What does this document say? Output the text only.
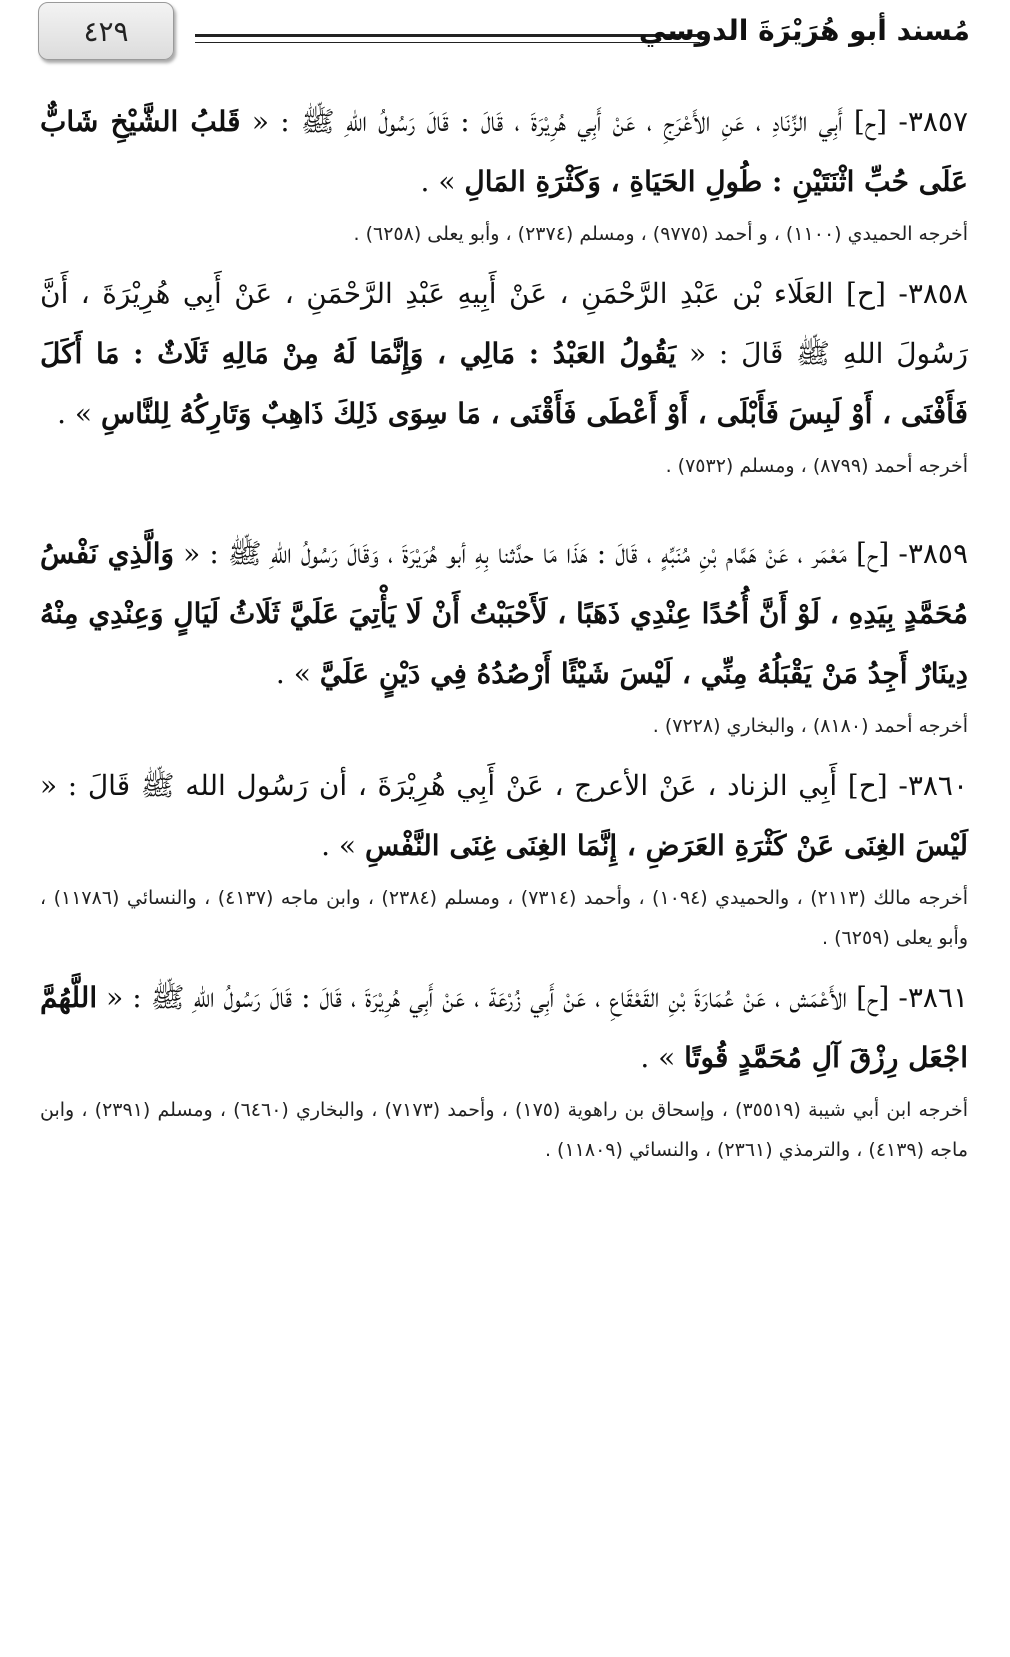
٤٢٩	مُسند أبو هُرَيْرَةَ الدوسي

٣٨٥٧- [ح] أَبِي الزِّنَادِ ، عَنِ الأَعْرَجِ ، عَنْ أَبِي هُرِيْرَةَ ، قَالَ : قَالَ رَسُولُ اللهِ ﷺ : « قَلبُ الشَّيْخِ شَابٌّ عَلَى حُبِّ اثْنَتَيْنِ : طُولِ الحَيَاةِ ، وَكَثْرَةِ المَالِ » .

أخرجه الحميدي (١١٠٠) ، و أحمد (٩٧٧٥) ، ومسلم (٢٣٧٤) ، وأبو يعلى (٦٢٥٨) .

٣٨٥٨- [ح] العَلَاء بْن عَبْدِ الرَّحْمَنِ ، عَنْ أَبِيهِ عَبْدِ الرَّحْمَنِ ، عَنْ أَبِي هُرِيْرَةَ ، أَنَّ رَسُولَ اللهِ ﷺ قَالَ : « يَقُولُ العَبْدُ : مَالِي ، وَإِنَّمَا لَهُ مِنْ مَالِهِ ثَلَاثٌ : مَا أَكَلَ فَأَفْنَى ، أَوْ لَبِسَ فَأَبْلَى ، أَوْ أَعْطَى فَأَقْنَى ، مَا سِوَى ذَلِكَ ذَاهِبٌ وَتَارِكُهُ لِلنَّاسِ » .

أخرجه أحمد (٨٧٩٩) ، ومسلم (٧٥٣٢) .

٣٨٥٩- [ح] مَعْمَر ، عَنْ هَمَّام بْنِ مُنَبِّهٍ ، قَالَ : هَذَا مَا حدَّثنا بِهِ أبو هُرَيْرَةَ ، وَقَالَ رَسُولُ اللهِ ﷺ : « وَالَّذِي نَفْسُ مُحَمَّدٍ بِيَدِهِ ، لَوْ أَنَّ أُحُدًا عِنْدِي ذَهَبًا ، لَأَحْبَبْتُ أَنْ لَا يَأْتِيَ عَلَيَّ ثَلَاثُ لَيَالٍ وَعِنْدِي مِنْهُ دِينَارٌ أَجِدُ مَنْ يَقْبَلُهُ مِنِّي ، لَيْسَ شَيْئًا أَرْصُدُهُ فِي دَيْنٍ عَلَيَّ » .

أخرجه أحمد (٨١٨٠) ، والبخاري (٧٢٢٨) .

٣٨٦٠- [ح] أَبِي الزناد ، عَنْ الأعرج ، عَنْ أَبِي هُرِيْرَةَ ، أن رَسُول الله ﷺ قَالَ : « لَيْسَ الغِنَى عَنْ كَثْرَةِ العَرَضِ ، إِنَّمَا الغِنَى غِنَى النَّفْسِ » .

أخرجه مالك (٢١١٣) ، والحميدي (١٠٩٤) ، وأحمد (٧٣١٤) ، ومسلم (٢٣٨٤) ، وابن ماجه (٤١٣٧) ، والنسائي (١١٧٨٦) ، وأبو يعلى (٦٢٥٩) .

٣٨٦١- [ح] الأَعْمَش ، عَنْ عُمَارَةَ بْنِ القَعْقَاعِ ، عَنْ أَبِي زُرْعَةَ ، عَنْ أَبِي هُرِيْرَةَ ، قَالَ : قَالَ رَسُولُ اللهِ ﷺ : « اللَّهُمَّ اجْعَل رِزْقَ آلِ مُحَمَّدٍ قُوتًا » .

أخرجه ابن أبي شيبة (٣٥٥١٩) ، وإسحاق بن راهوية (١٧٥) ، وأحمد (٧١٧٣) ، والبخاري (٦٤٦٠) ، ومسلم (٢٣٩١) ، وابن ماجه (٤١٣٩) ، والترمذي (٢٣٦١) ، والنسائي (١١٨٠٩) .
